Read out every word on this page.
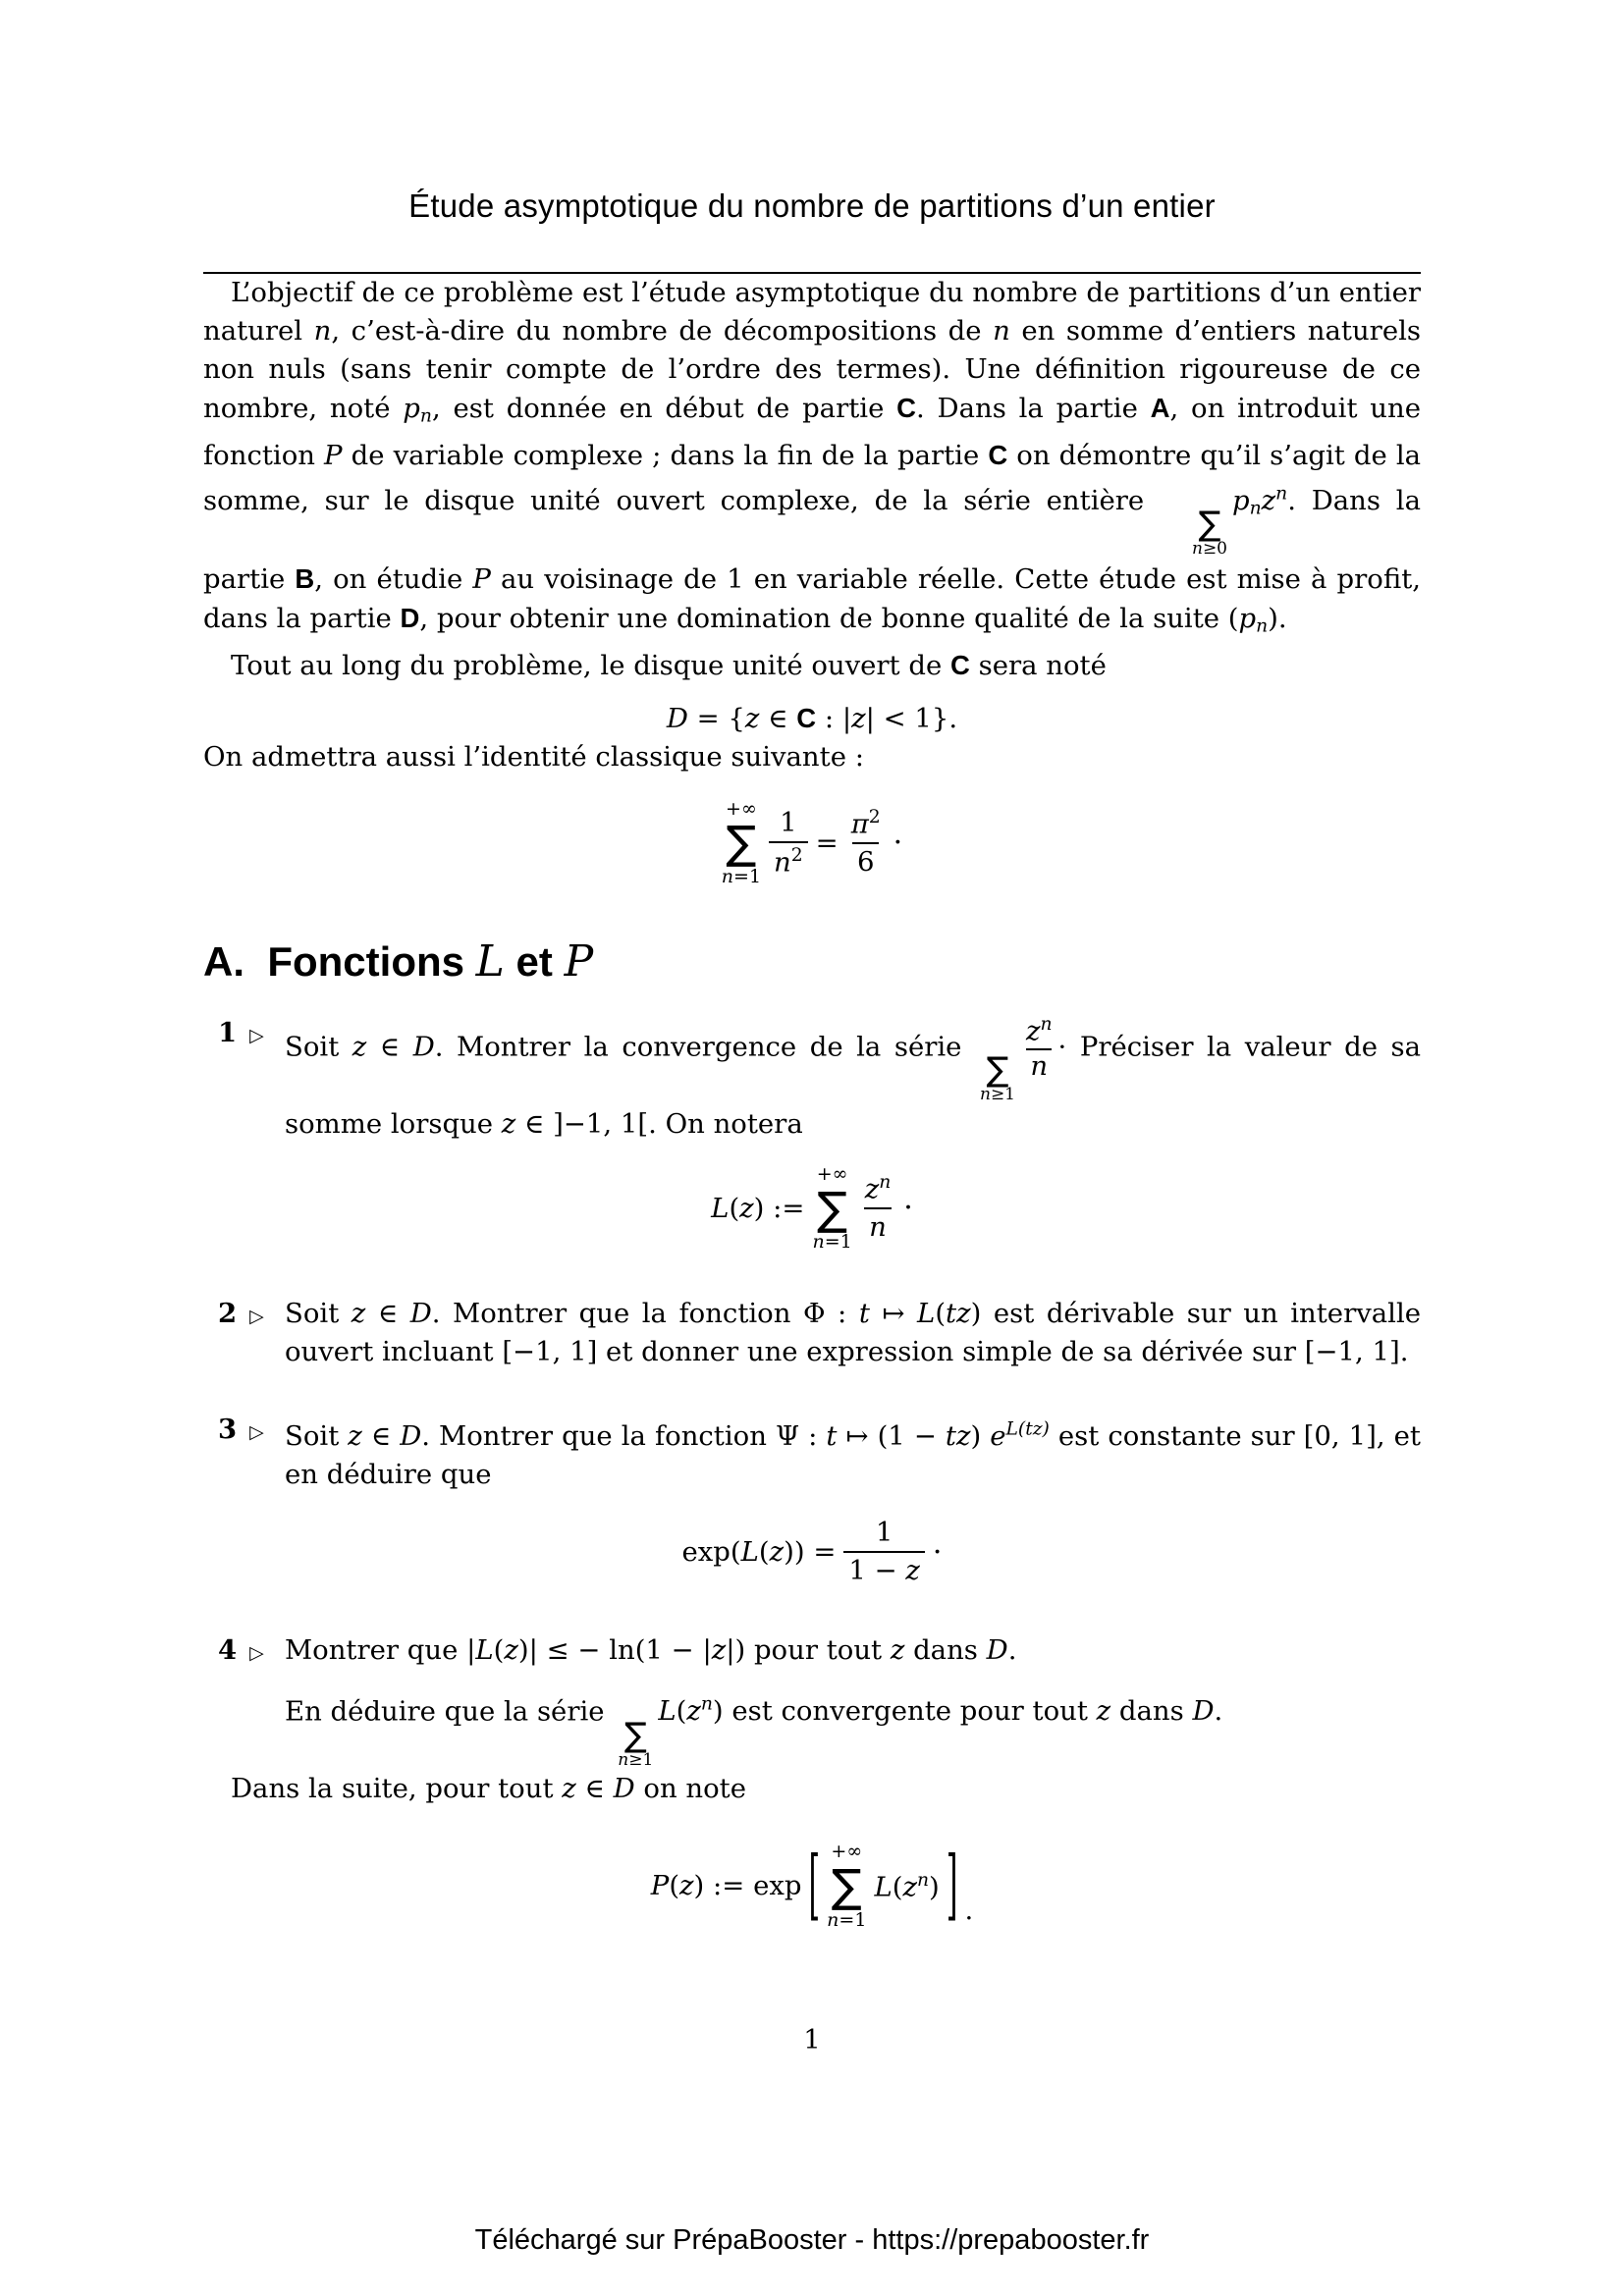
Étude asymptotique du nombre de partitions d’un entier

L’objectif de ce problème est l’étude asymptotique du nombre de partitions d’un entier naturel n, c’est-à-dire du nombre de décompositions de n en somme d’entiers naturels non nuls (sans tenir compte de l’ordre des termes). Une définition rigoureuse de ce nombre, noté pn, est donnée en début de partie C. Dans la partie A, on introduit une fonction P de variable complexe ; dans la fin de la partie C on démontre qu’il s’agit de la somme, sur le disque unité ouvert complexe, de la série entière
∑
n≥0
pnz$^n$. Dans la partie B, on étudie P au voisinage de 1 en variable réelle. Cette étude est mise à profit, dans la partie D, pour obtenir une domination de bonne qualité de la suite (pn).

Tout au long du problème, le disque unité ouvert de C sera noté

D = {z ∈ C : |z| < 1}.

On admettra aussi l’identité classique suivante :

+∞
∑
$n=1 \frac{1}{n^2} = \frac{\pi^2}{6}$ ·
A.  Fonctions L et P
1 ▷ Soit z ∈ D. Montrer la convergence de la série
∑
n≥1
$\frac{z^n}{n}$ · Préciser la valeur de sa somme lorsque z ∈ ]−1, 1[. On notera

L(z) :=
+∞
∑
$n=1 \frac{z^n}{n}$ ·
2 ▷ Soit z ∈ D. Montrer que la fonction Φ : t ↦ L(tz) est dérivable sur un intervalle ouvert incluant [−1, 1] et donner une expression simple de sa dérivée sur [−1, 1].

3 ▷ Soit z ∈ D. Montrer que la fonction Ψ : t ↦ (1 − tz) $e^{L(tz)}$ est constante sur [0, 1], et en déduire que

$\exp(L(z)) = \frac{1}{1 - z}$ ·
4 ▷ Montrer que |L(z)| ≤ − ln(1 − |z|) pour tout z dans D.

En déduire que la série
∑
n≥1
$L(z^n)$ est convergente pour tout z dans D.

Dans la suite, pour tout z ∈ D on note

P(z) := exp [ +∞
∑
n=1
$L(z^n)$ ] .
1
Téléchargé sur PrépaBooster - https://prepabooster.fr
